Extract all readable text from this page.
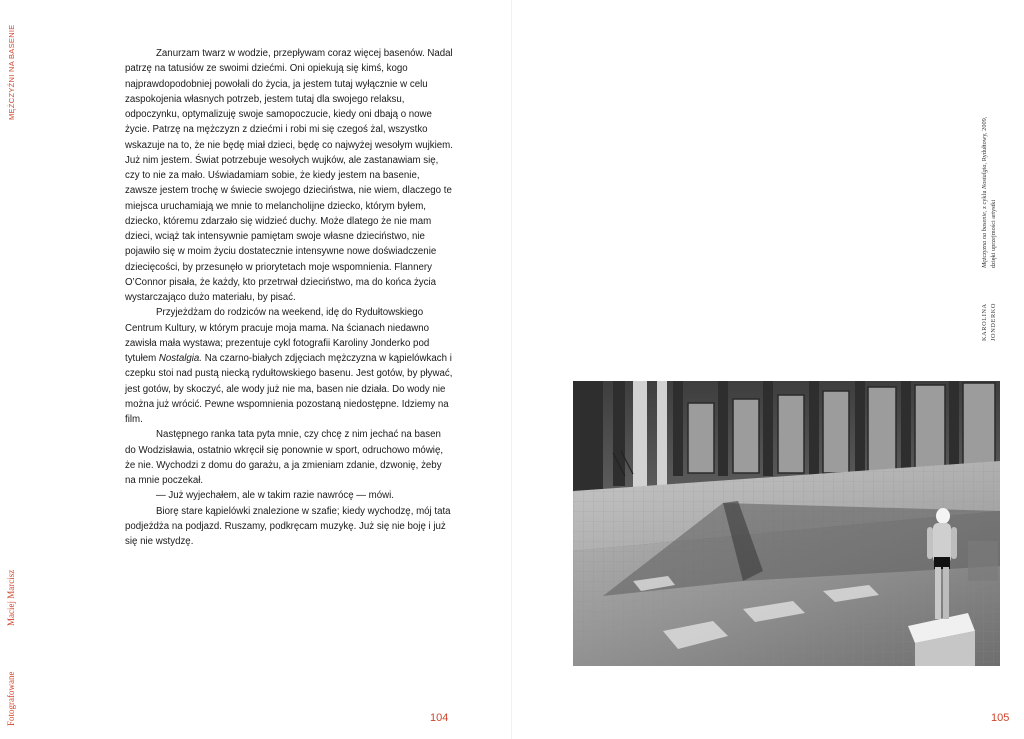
MĘŻCZYŹNI NA BASENIE	Zanurzam twarz w wodzie, przepływam coraz więcej basenów. Nadal patrzę na tatusiów ze swoimi dziećmi. Oni opiekują się kimś, kogo najprawdopodobniej powołali do życia, ja jestem tutaj wyłącznie w celu zaspokojenia własnych potrzeb, jestem tutaj dla swojego relaksu, odpoczynku, optymalizuję swoje samopoczucie, kiedy oni dbają o nowe życie. Patrzę na mężczyzn z dziećmi i robi mi się czegoś żal, wszystko wskazuje na to, że nie będę miał dzieci, będę co najwyżej wesołym wujkiem. Już nim jestem. Świat potrzebuje wesołych wujków, ale zastanawiam się, czy to nie za mało. Uświadamiam sobie, że kiedy jestem na basenie, zawsze jestem trochę w świecie swojego dzieciństwa, nie wiem, dlaczego te miejsca uruchamiają we mnie to melancholijne dziecko, którym byłem, dziecko, któremu zdarzało się widzieć duchy. Może dlatego że nie mam dzieci, wciąż tak intensywnie pamiętam swoje własne dzieciństwo, nie pojawiło się w moim życiu dostatecznie intensywne nowe doświadczenie dziecięcości, by przesunęło w priorytetach moje wspomnienia. Flannery O’Connor pisała, że każdy, kto przetrwał dzieciństwo, ma do końca życia wystarczająco dużo materiału, by pisać.

Przyjeżdżam do rodziców na weekend, idę do Rydułtowskiego Centrum Kultury, w którym pracuje moja mama. Na ścianach niedawno zawisła mała wystawa; prezentuje cykl fotografii Karoliny Jonderko pod tytułem Nostalgia. Na czarno-białych zdjęciach mężczyzna w kąpielówkach i czepku stoi nad pustą niecką rydułtowskiego basenu. Jest gotów, by pływać, jest gotów, by skoczyć, ale wody już nie ma, basen nie działa. Do wody nie można już wrócić. Pewne wspomnienia pozostaną niedostępne. Idziemy na film.

Następnego ranka tata pyta mnie, czy chcę z nim jechać na basen do Wodzisławia, ostatnio wkręcił się ponownie w sport, odruchowo mówię, że nie. Wychodzi z domu do garażu, a ja zmieniam zdanie, dzwonię, żeby na mnie poczekał.

— Już wyjechałem, ale w takim razie nawrócę — mówi.

Biorę stare kąpielówki znalezione w szafie; kiedy wychodzę, mój tata podjeżdża na podjazd. Ruszamy, podkręcam muzykę. Już się nie boję i już się nie wstydzę.

Maciej Marcisz
Fotografowane	104
Mężczyzna na basenie, z cyklu Nostalgia, Rydułtowy, 2009,
dzięki uprzejmości artystki
KAROLINA JONDERKO
105
